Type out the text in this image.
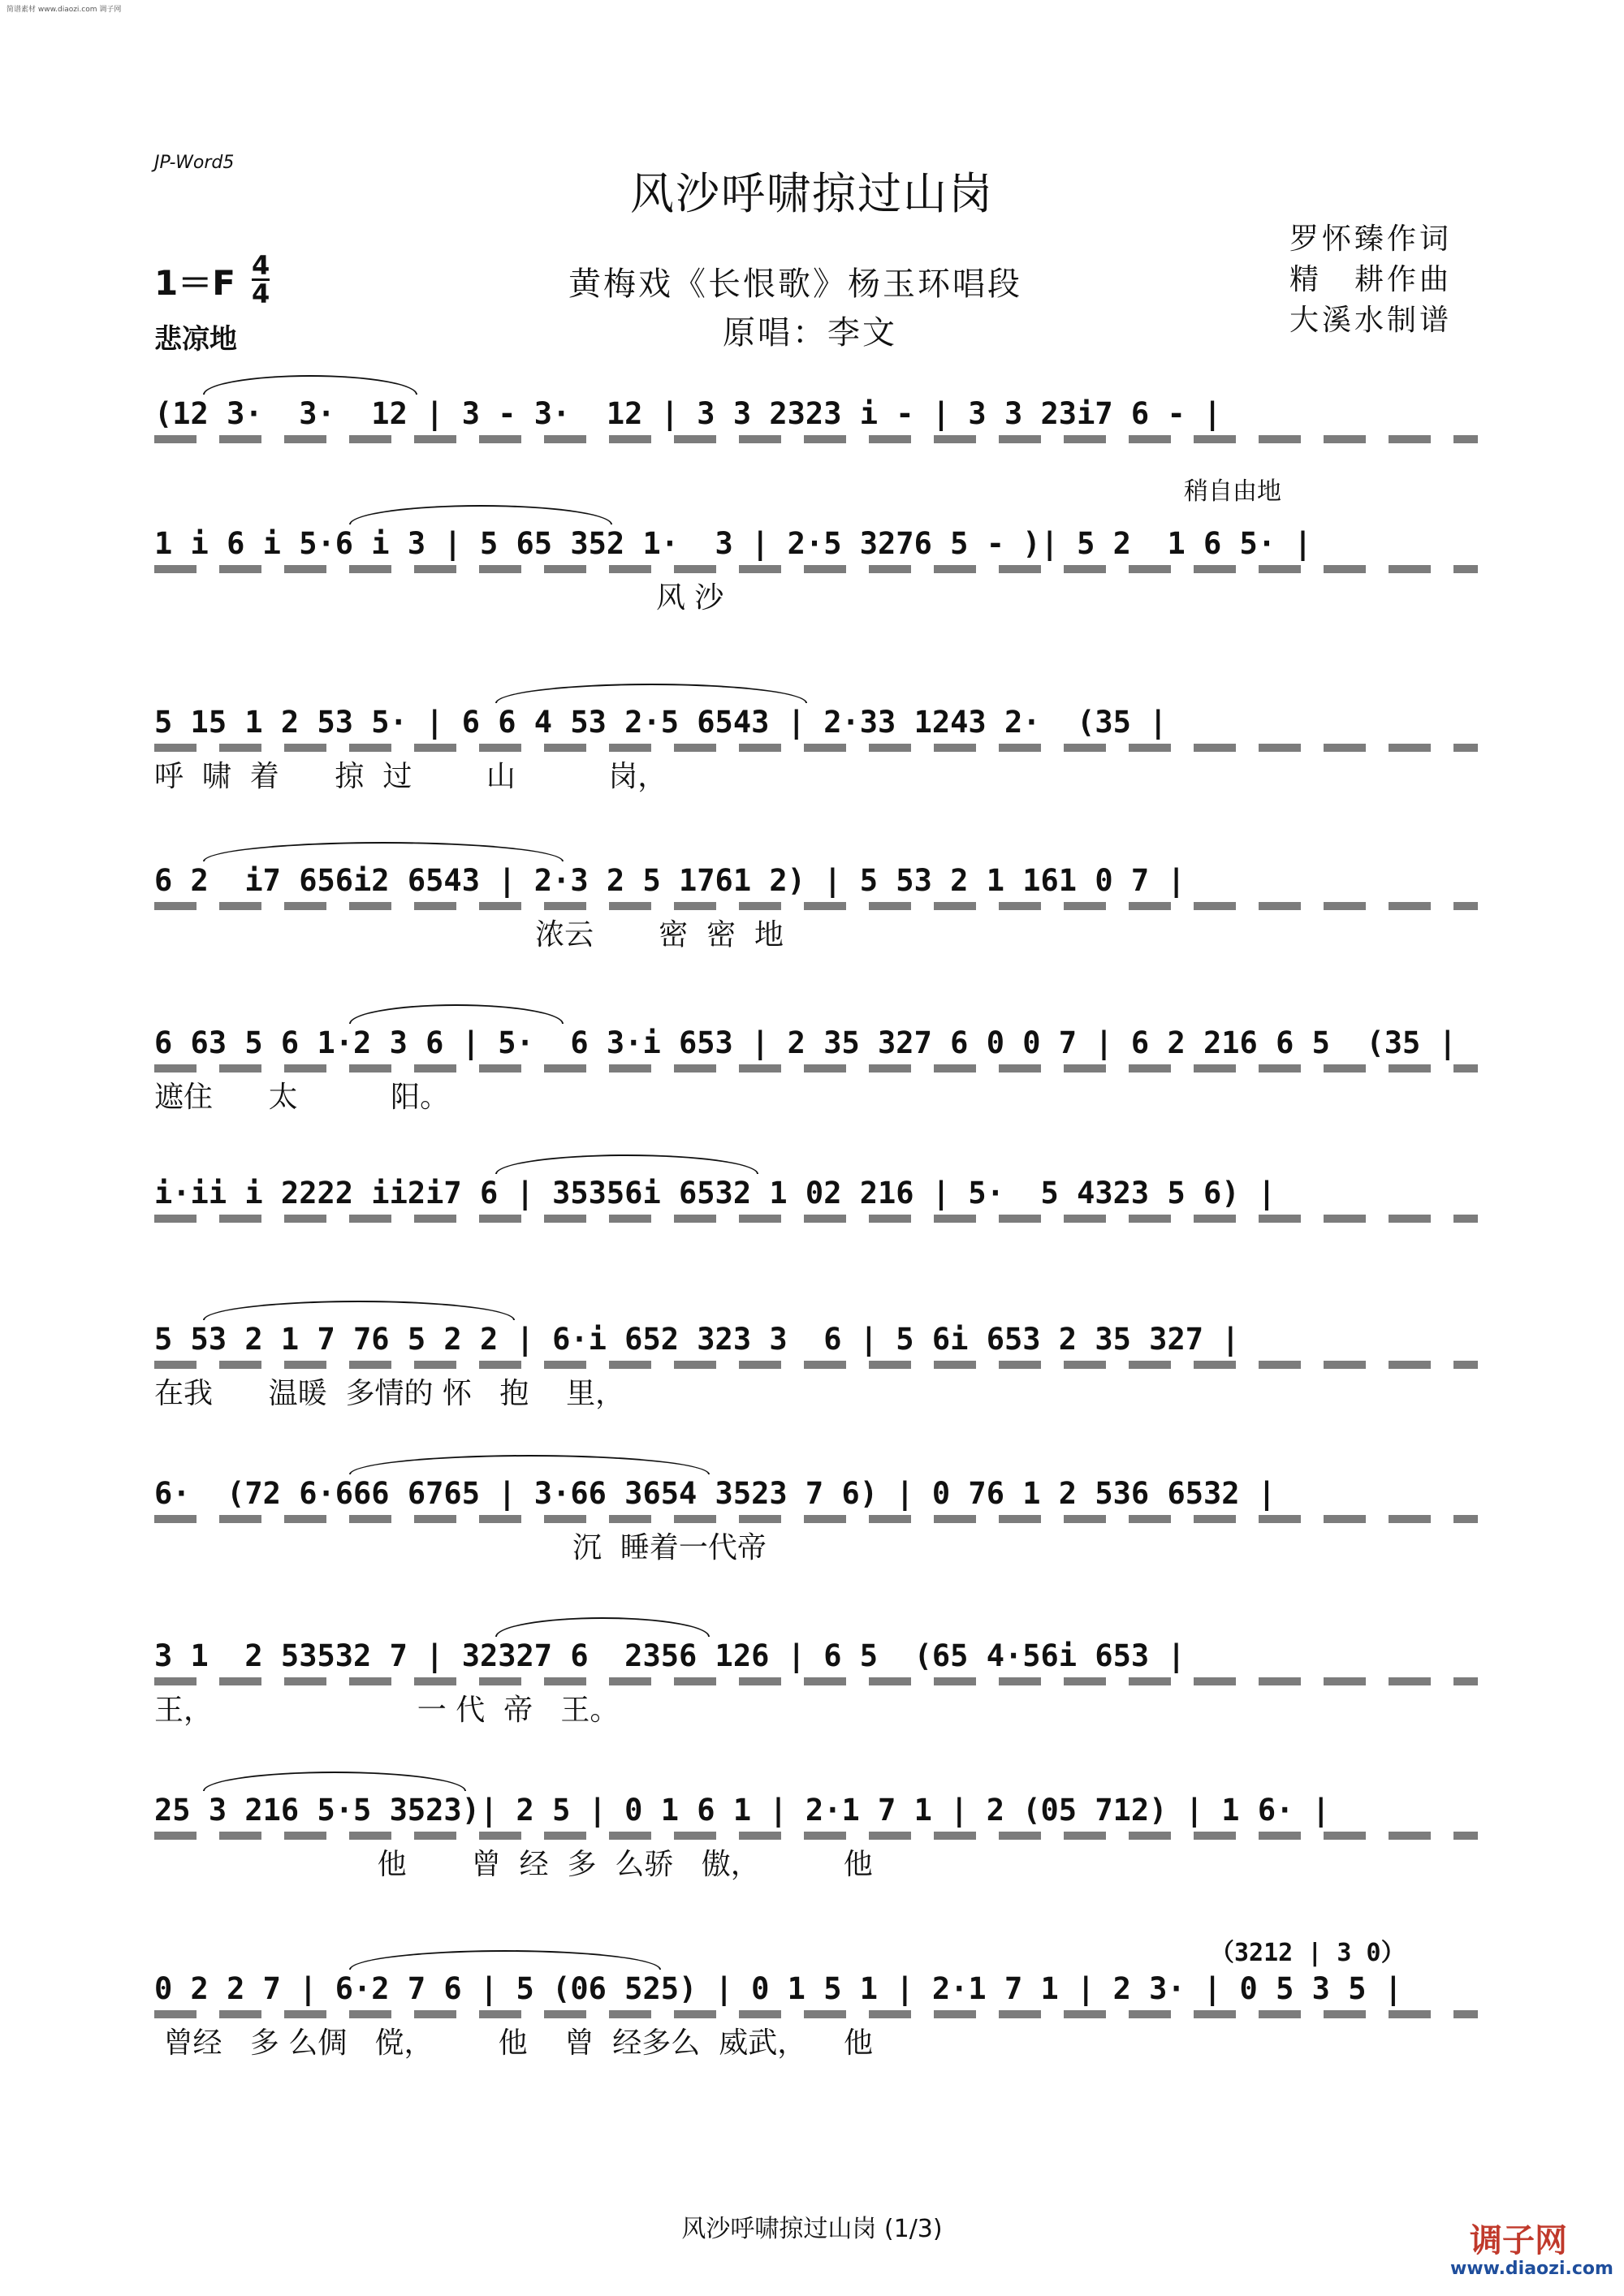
简谱素材 www.diaozi.com 调子网
JP-Word5
风沙呼啸掠过山岗
罗怀臻作词
精　耕作曲
大溪水制谱
黄梅戏《长恨歌》杨玉环唱段
原唱：李文
1＝F 4
4
悲凉地
稍自由地
（3212 | 3 0）
(12 3·  3·  12 | 3 - 3·  12 | 3 3 2323 i - | 3 3 23i7 6 - |
1 i 6 i 5·6 i 3 | 5 65 352 1·  3 | 2·5 3276 5 - )| 5 2  1 6 5· |
风 沙
5 15 1 2 53 5· | 6 6 4 53 2·5 6543 | 2·33 1243 2·  (35 |
呼  啸  着      掠  过        山          岗，
6 2  i7 656i2 6543 | 2·3 2 5 1761 2) | 5 53 2 1 161 0 7 |
浓云       密  密  地
6 63 5 6 1·2 3 6 | 5·  6 3·i 653 | 2 35 327 6 0 0 7 | 6 2 216 6 5  (35 |
遮住      太          阳。
i·ii i 2222 ii2i7 6 | 35356i 6532 1 02 216 | 5·  5 4323 5 6) |
5 53 2 1 7 76 5 2 2 | 6·i 652 323 3  6 | 5 6i 653 2 35 327 |
在我      温暖  多情的 怀   抱    里，
6·  (72 6·666 6765 | 3·66 3654 3523 7 6) | 0 76 1 2 536 6532 |
沉  睡着一代帝
3 1  2 53532 7 | 32327 6  2356 126 | 6 5  (65 4·56i 653 |
王，                      一 代  帝   王。
25 3 216 5·5 3523)| 2 5 | 0 1 6 1 | 2·1 7 1 | 2 (05 712) | 1 6· |
他       曾  经  多  么骄   傲，         他
0 2 2 7 | 6·2 7 6 | 5 (06 525) | 0 1 5 1 | 2·1 7 1 | 2 3· | 0 5 3 5 |
曾经   多 么倜   傥，       他    曾  经多么  威武，    他
风沙呼啸掠过山岗 (1/3)	调子网
www.diaozi.com
